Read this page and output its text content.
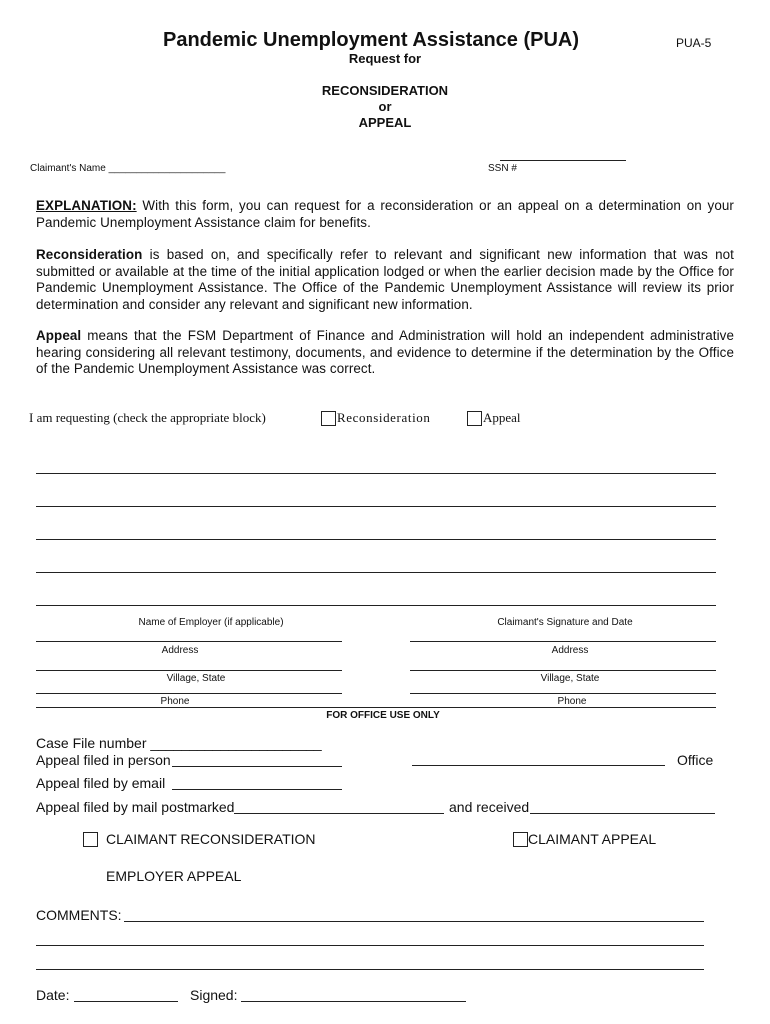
Pandemic Unemployment Assistance (PUA)	PUA-5
Request for
RECONSIDERATION
or
APPEAL
Claimant's Name _____________________	SSN #
EXPLANATION: With this form, you can request for a reconsideration or an appeal on a determination on your Pandemic Unemployment Assistance claim for benefits.
Reconsideration is based on, and specifically refer to relevant and significant new information that was not submitted or available at the time of the initial application lodged or when the earlier decision made by the Office for Pandemic Unemployment Assistance. The Office of the Pandemic Unemployment Assistance will review its prior determination and consider any relevant and significant new information.
Appeal means that the FSM Department of Finance and Administration will hold an independent administrative hearing considering all relevant testimony, documents, and evidence to determine if the determination by the Office of the Pandemic Unemployment Assistance was correct.
I am requesting (check the appropriate block)	Reconsideration	Appeal
Name of Employer (if applicable)	Claimant's Signature and Date
Address	Address
Village, State	Village, State
Phone	Phone
FOR OFFICE USE ONLY
Case File number ______________________
Appeal filed in person	Office
Appeal filed by email
Appeal filed by mail postmarked	and received
CLAIMANT RECONSIDERATION	CLAIMANT APPEAL
EMPLOYER APPEAL
COMMENTS:
Date:	Signed:
